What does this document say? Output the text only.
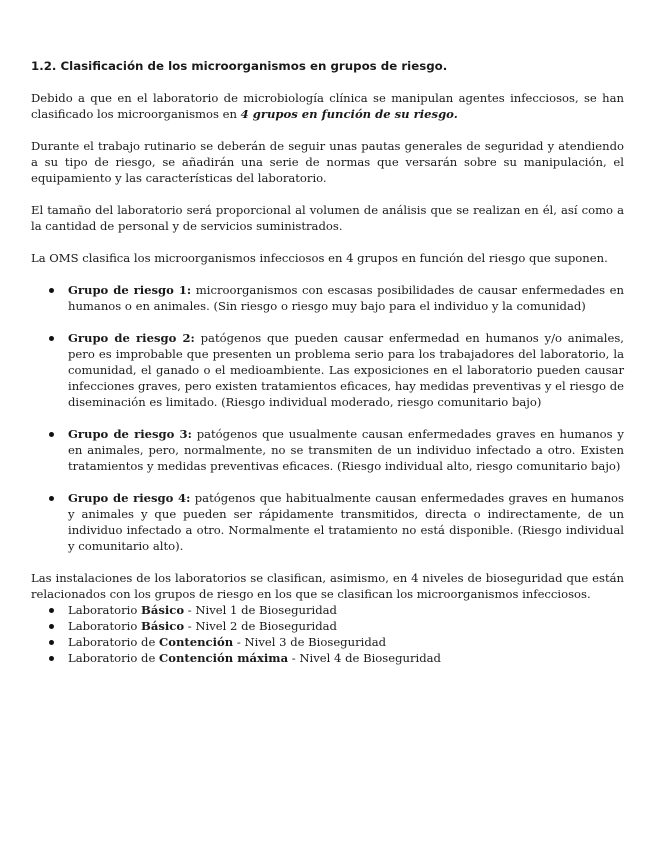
1.2. Clasificación de los microorganismos en grupos de riesgo.

Debido a que en el laboratorio de microbiología clínica se manipulan agentes infecciosos, se han clasificado los microorganismos en 4 grupos en función de su riesgo.

Durante el trabajo rutinario se deberán de seguir unas pautas generales de seguridad y atendiendo a su tipo de riesgo, se añadirán una serie de normas que versarán sobre su manipulación, el equipamiento y las características del laboratorio.

El tamaño del laboratorio será proporcional al volumen de análisis que se realizan en él, así como a la cantidad de personal y de servicios suministrados.

La OMS clasifica los microorganismos infecciosos en 4 grupos en función del riesgo que suponen.

Grupo de riesgo 1: microorganismos con escasas posibilidades de causar enfermedades en humanos o en animales. (Sin riesgo o riesgo muy bajo para el individuo y la comunidad)
Grupo de riesgo 2: patógenos que pueden causar enfermedad en humanos y/o animales, pero es improbable que presenten un problema serio para los trabajadores del laboratorio, la comunidad, el ganado o el medioambiente. Las exposiciones en el laboratorio pueden causar infecciones graves, pero existen tratamientos eficaces, hay medidas preventivas y el riesgo de diseminación es limitado. (Riesgo individual moderado, riesgo comunitario bajo)
Grupo de riesgo 3: patógenos que usualmente causan enfermedades graves en humanos y en animales, pero, normalmente, no se transmiten de un individuo infectado a otro. Existen tratamientos y medidas preventivas eficaces. (Riesgo individual alto, riesgo comunitario bajo)
Grupo de riesgo 4: patógenos que habitualmente causan enfermedades graves en humanos y animales y que pueden ser rápidamente transmitidos, directa o indirectamente, de un individuo infectado a otro. Normalmente el tratamiento no está disponible. (Riesgo individual y comunitario alto).

Las instalaciones de los laboratorios se clasifican, asimismo, en 4 niveles de bioseguridad que están relacionados con los grupos de riesgo en los que se clasifican los microorganismos infecciosos.

Laboratorio Básico - Nivel 1 de Bioseguridad
Laboratorio Básico - Nivel 2 de Bioseguridad
Laboratorio de Contención - Nivel 3 de Bioseguridad
Laboratorio de Contención máxima - Nivel 4 de Bioseguridad
